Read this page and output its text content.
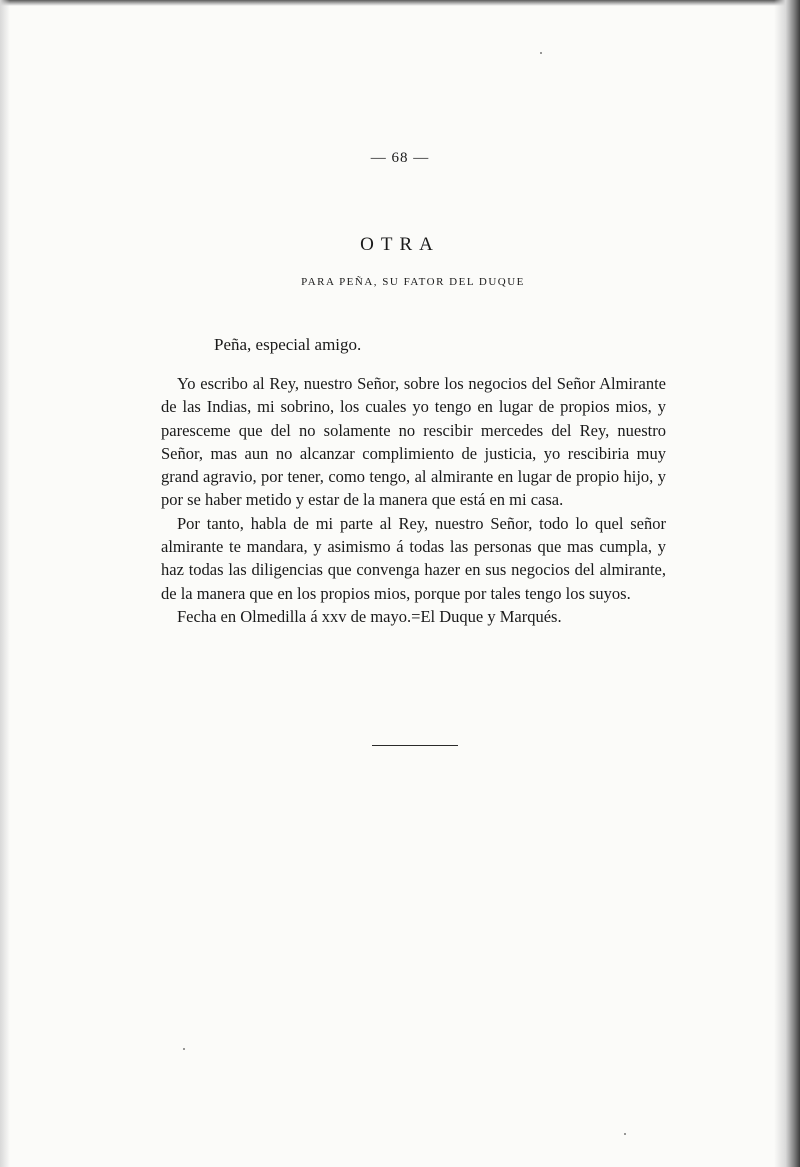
— 68 —
OTRA
PARA PEÑA, SU FATOR DEL DUQUE
Peña, especial amigo.

Yo escribo al Rey, nuestro Señor, sobre los negocios del Señor Almirante de las Indias, mi sobrino, los cuales yo tengo en lugar de propios mios, y paresceme que del no solamente no rescibir mercedes del Rey, nuestro Señor, mas aun no alcanzar complimiento de justicia, yo rescibiria muy grand agravio, por tener, como tengo, al almirante en lugar de propio hijo, y por se haber metido y estar de la manera que está en mi casa.

Por tanto, habla de mi parte al Rey, nuestro Señor, todo lo quel señor almirante te mandara, y asimismo á todas las personas que mas cumpla, y haz todas las diligencias que convenga hazer en sus negocios del almirante, de la manera que en los propios mios, porque por tales tengo los suyos.

Fecha en Olmedilla á xxv de mayo.=El Duque y Marqués.
